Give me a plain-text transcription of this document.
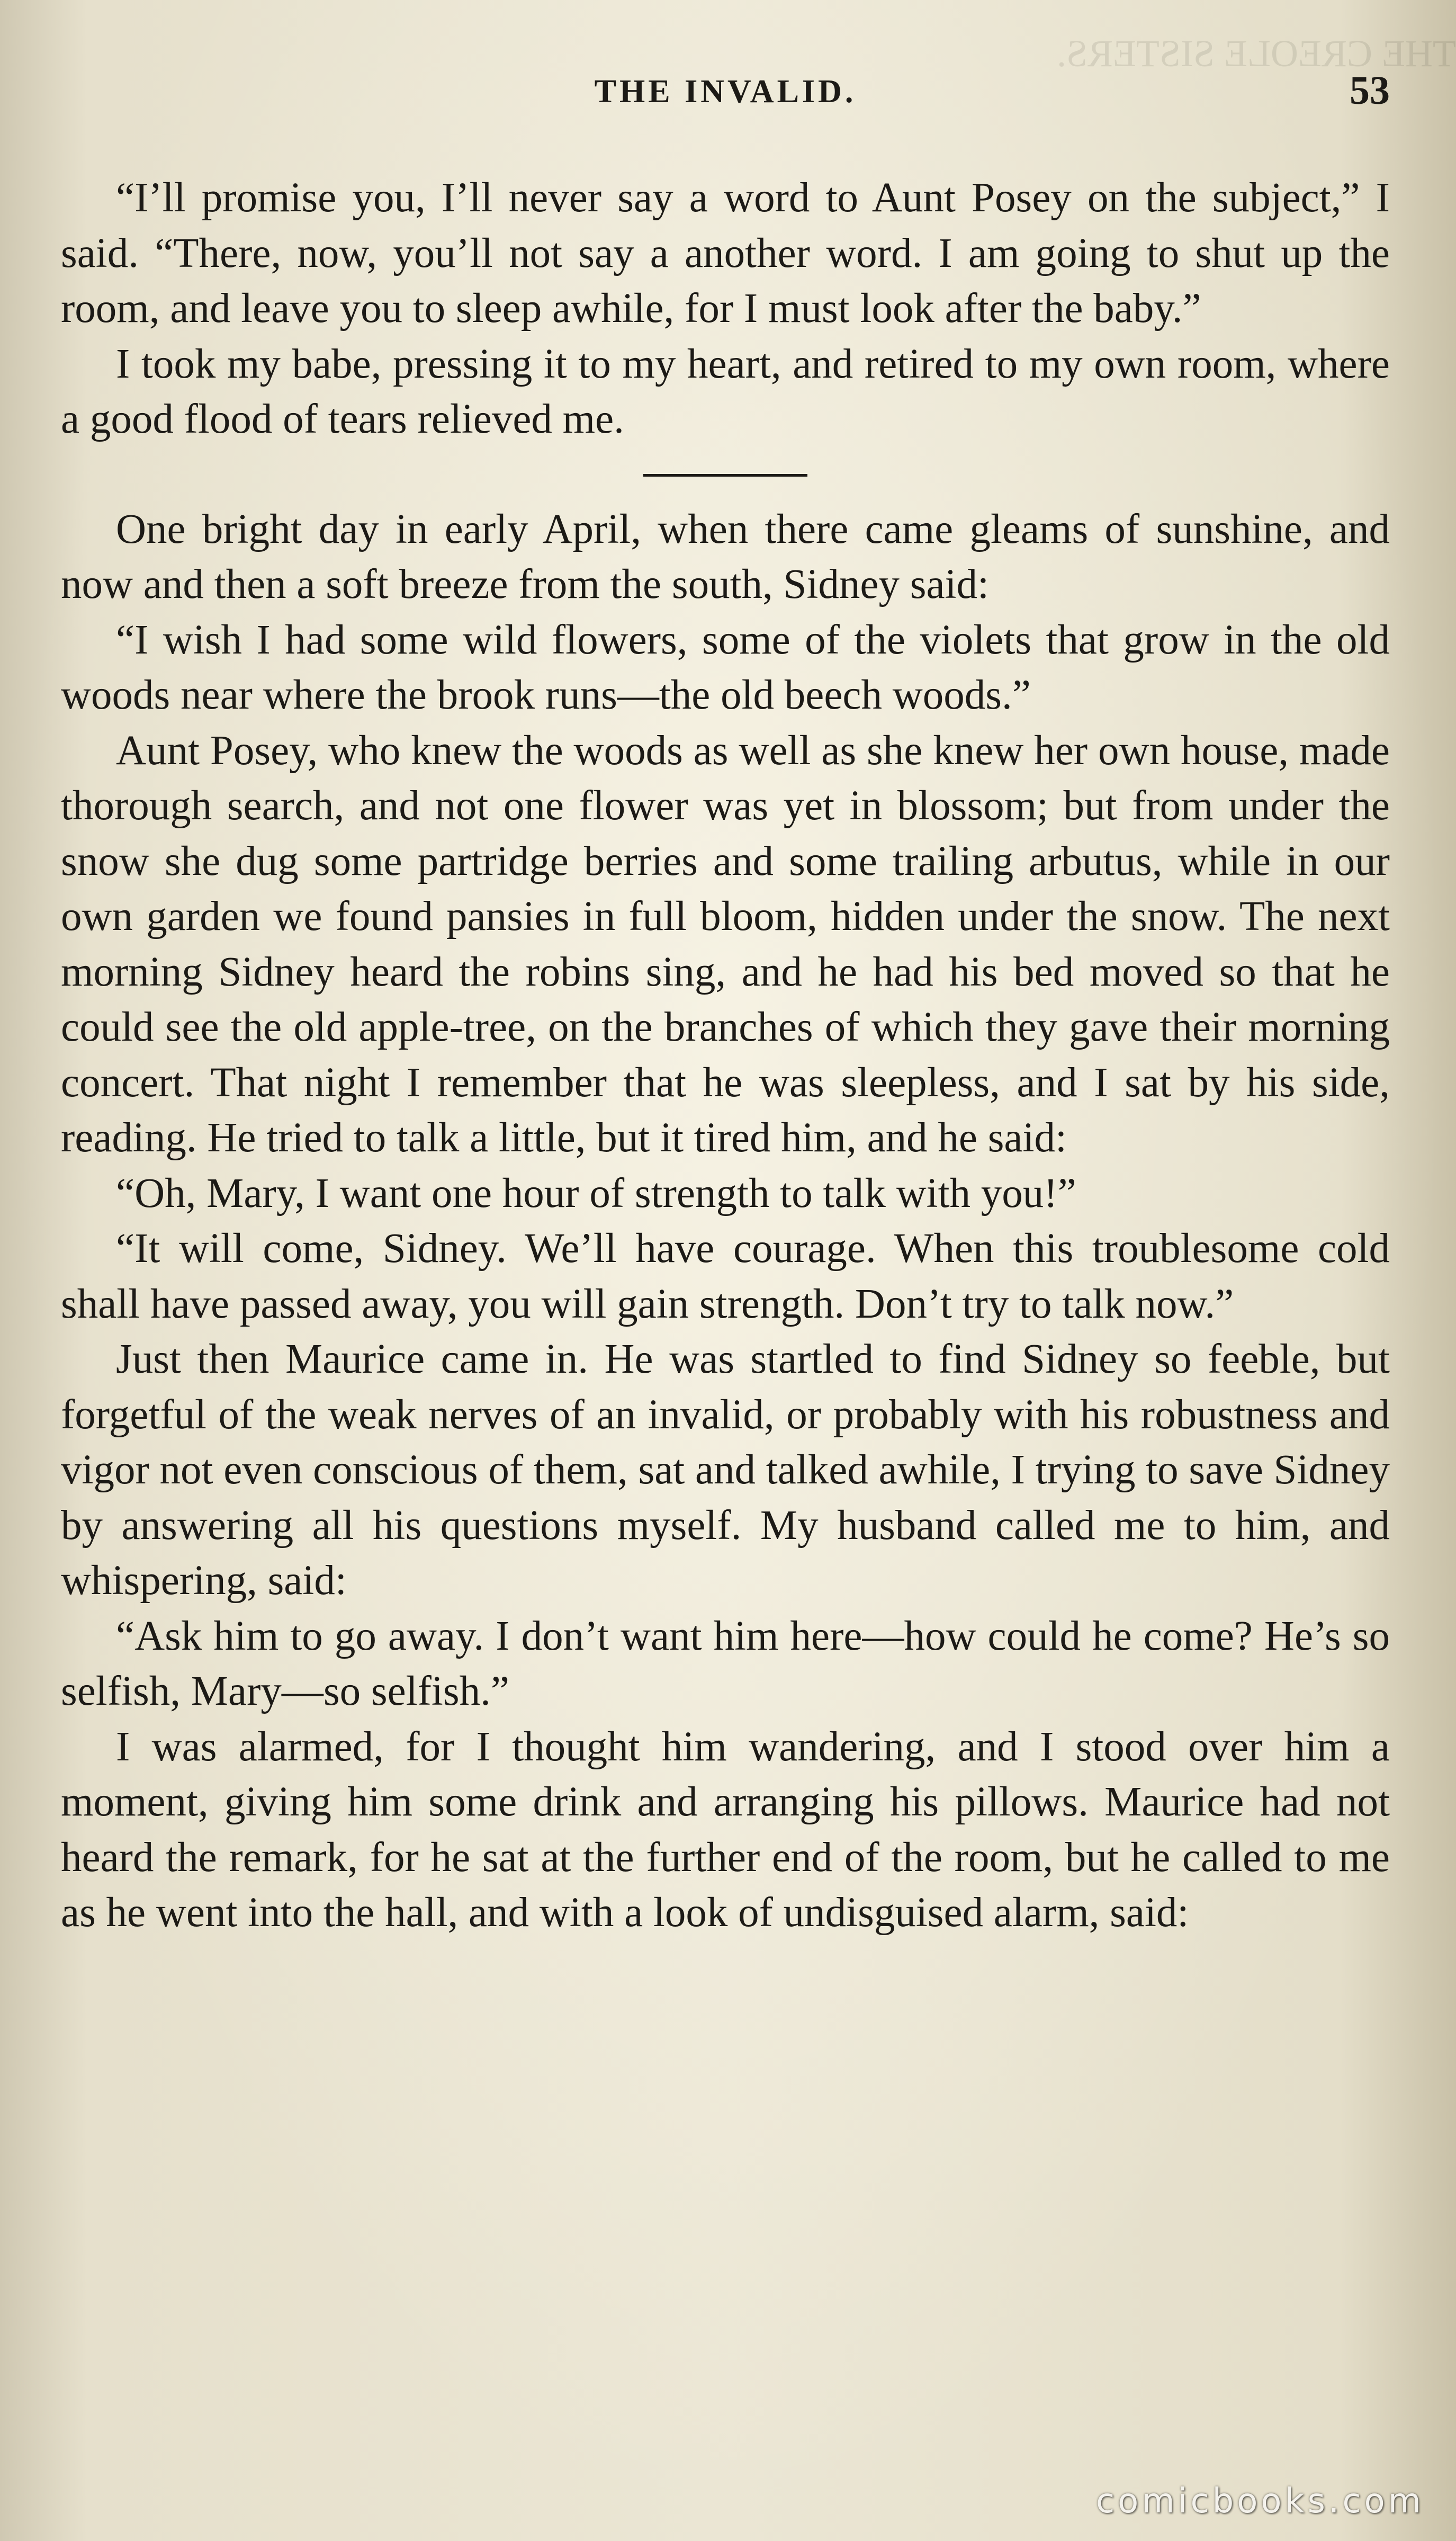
THE CREOLE SISTERS.
THE INVALID.	53

“I’ll promise you, I’ll never say a word to Aunt Posey on the subject,” I said. “There, now, you’ll not say a another word. I am going to shut up the room, and leave you to sleep awhile, for I must look after the baby.”

I took my babe, pressing it to my heart, and retired to my own room, where a good flood of tears relieved me.

One bright day in early April, when there came gleams of sunshine, and now and then a soft breeze from the south, Sidney said:

“I wish I had some wild flowers, some of the violets that grow in the old woods near where the brook runs—the old beech woods.”

Aunt Posey, who knew the woods as well as she knew her own house, made thorough search, and not one flower was yet in blossom; but from under the snow she dug some partridge berries and some trailing arbutus, while in our own garden we found pansies in full bloom, hidden under the snow. The next morning Sidney heard the robins sing, and he had his bed moved so that he could see the old apple-tree, on the branches of which they gave their morning concert. That night I remember that he was sleepless, and I sat by his side, reading. He tried to talk a little, but it tired him, and he said:

“Oh, Mary, I want one hour of strength to talk with you!”

“It will come, Sidney. We’ll have courage. When this troublesome cold shall have passed away, you will gain strength. Don’t try to talk now.”

Just then Maurice came in. He was startled to find Sidney so feeble, but forgetful of the weak nerves of an invalid, or probably with his robustness and vigor not even conscious of them, sat and talked awhile, I trying to save Sidney by answering all his questions myself. My husband called me to him, and whispering, said:

“Ask him to go away. I don’t want him here—how could he come? He’s so selfish, Mary—so selfish.”

I was alarmed, for I thought him wandering, and I stood over him a moment, giving him some drink and arranging his pillows. Maurice had not heard the remark, for he sat at the further end of the room, but he called to me as he went into the hall, and with a look of undisguised alarm, said:

comicbooks.com
